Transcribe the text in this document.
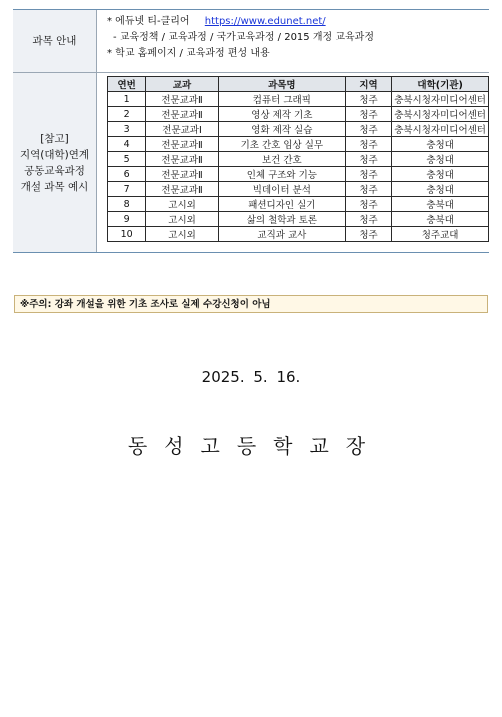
과목 안내
* 에듀넷 티-클리어 https://www.edunet.net/
- 교육정책 / 교육과정 / 국가교육과정 / 2015 개정 교육과정
* 학교 홈페이지 / 교육과정 편성 내용
[참고]
지역(대학)연계
공동교육과정
개설 과목 예시
연번	교과	과목명	지역	대학(기관)
1	전문교과Ⅱ	컴퓨터 그래픽	청주	충북시청자미디어센터
2	전문교과Ⅱ	영상 제작 기초	청주	충북시청자미디어센터
3	전문교과Ⅰ	영화 제작 실습	청주	충북시청자미디어센터
4	전문교과Ⅱ	기초 간호 임상 실무	청주	충청대
5	전문교과Ⅱ	보건 간호	청주	충청대
6	전문교과Ⅱ	인체 구조와 기능	청주	충청대
7	전문교과Ⅱ	빅데이터 분석	청주	충청대
8	고시외	패션디자인 실기	청주	충북대
9	고시외	삶의 철학과 토론	청주	충북대
10	고시외	교직과 교사	청주	청주교대
※주의: 강좌 개설을 위한 기초 조사로 실제 수강신청이 아님
2025. 5. 16.
동성고등학교장
